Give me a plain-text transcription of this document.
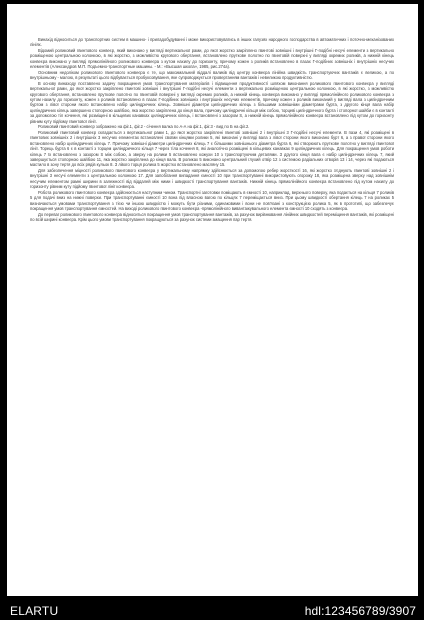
Винахід відноситься до транспортних систем в машино- і приладобудуванні і може використовуватись в інших галузях народного господарства в автоматичних і поточно-механізованих лініях.

Відомий роликовий гвинтового конвеєр, який виконано у вигляді вертикальної рами, до якої жорстко закріплено гвинтові зовнішні і внутрішні Г-подібні несучі елементи з вертикально розміщеною центральною колонкою, в які жорстко, з можливістю кругового обертання, встановлено пруткове полотно по гвинтовій поверхні у вигляді окремих роликів, а нижній кінець конвеєра виконано у вигляді прямолінійного роликового конвеєра з кутом нахилу до горизонту, причому кожен з роликів встановлено в пазах Г-подібних зовнішніх і внутрішніх несучих елементів (Александров М.П. Подъемно-транспортные машины. - М.: «Высшая школа», 1985, рис.274а).

Основним недоліком роликового гвинтового конвеєра є те, що максимальний віддалі валиків від центру конвеєра лінійна швидкість транспортуючих вантажів є великою, а по внутрішньому - малою, в результаті цього відбувається пробуксовування, яке супроводжується провертанням вантажів і невеликою продуктивністю.

В основу винаходу поставлено задачу покращення умов транспортування матеріалів і підвищення продуктивності шляхом виконання роликового гвинтового конвеєра у вигляді вертикальної рами, до якої жорстко закріплено гвинтові зовнішні і внутрішні Г-подібні несучі елементи з вертикально розміщеною центральною колонкою, в які жорстко, з можливістю кругового обертання, встановлено пруткове полотно по гвинтовій поверхні у вигляді окремих роликів, а нижній кінець конвеєра виконано у вигляді прямолінійного роликового конвеєра з кутом нахилу до горизонту, кожен з роликів встановлено в пазах Г-подібних зовнішніх і внутрішніх несучих елементів, причому кожен з роликів виконаний у вигляді вала з циліндричним буртом з лівої сторони якого встановлено набір циліндричних кілець. Зовнішні діаметри циліндричних кілець з більшими зовнішніми діаметрами бурта, з другого кінця вала набір циліндричних кілець завершено стопорною шайбою, яка жорстко закріплена до кінця вала, причому циліндричні кільця між собою, торцеві циліндричного бурта і стопорної шайби є в контакті за допомогою тіл кочення, які розміщені в кільцевих канавках циліндричних кілець, і встановлені з зазором S, а нижній кінець прямолінійного конвеєра встановлено під кутом до горизонту рівним куту підйому гвинтової лінії.

Роликовий гвинтовий конвеєр зображено на фіг.1, фіг.2 - січення валка по А-А на фіг.1, фіг.3 - вид по Б на фіг.2.

Роликовий гвинтовий конвеєр складається з вертикальної рами 1, до якої жорстко закріплені гвинтові зовнішні 2 і внутрішні 3 Г-подібні несучі елементи. В пази 4, які розміщені в гвинтових зовнішніх 2 і внутрішніх 3 несучих елементах встановлені своїми кінцями ролики 5, які виконані у вигляді вала з лівої сторони якого виконано бурт 6, а з правої сторони якого встановлено набір циліндричних кілець 7. Причому зовнішні діаметри циліндричних кілець 7 є більшими зовнішнього діаметра бурта 6, які створюють пруткове полотно у вигляді гвинтової лінії. Торець бурта 6 є в контакті з торцем циліндричного кільця 7 через тіла кочення 8, які аналогічно розміщені в кільцевих канавках 9 циліндричних кілець. Для покращення умов роботи кілець 7 їх встановлено з зазором S між собою, а зверху на ролики 5 встановлено кожухи 10 з транспортуючим деталями. З другого кінця вала є набір циліндричних кілець 7, який завершується стопорною шайбою 11, яка жорстко закріплена до кінця вала. В роликах 5 виконано центральний глухий отвір 12 з системою радіальних отворів 13 і 14, через які подаються мастило в зону тертя до всіх рядів кульок 8. З лівого торця ролика 5 жорстко встановлено масляну 15.

Для забезпечення міцності роликового гвинтового конвеєра у вертикальному напрямку здійснюється за допомогою ребер жорсткості 16, які жорстко з'єднують гвинтові зовнішні 2 і внутрішні 3 несучі елементи з центральною колонкою 17. Для запобігання випадання ємності 10 при транспортуванні використовують огорожу 18, яка розміщена зверху над зовнішнім несучим елементом рамні ширини в залежності від віддалей між ними і швидкості транспортування вантажів. Нижній кінець прямолінійного конвеєра встановлено під кутом нахилу до горизонту рівним куту підйому гвинтової лінії конвеєра.

Робота роликового гвинтового конвеєра здійснюється наступним чином. Транспортні заготовки поміщають в ємності 10, наприклад, верхнього поверху, яка подається на кільця 7 роликів 5 для подачі вниз на нижні поверхи. При транспортуванні ємності 10 вона під власною вагою по кільцях 7 переміщається вниз. При цьому швидкості обертання кілець 7 на роликах 5 визначаються умовами транспортування з тією чи іншою швидкістю і можуть бути різними, одинаковими і вони не пов'язані з конструкцією ролика 5, як в прототипі, що забезпечує покращення умов транспортування ємностей. На виході роликового гвинтового конвеєра -прямолінійного вивантажувального елемента ємності 10 сходять з конвеєра.

До переваг роликового гвинтового конвеєра відноситься покращення умов транспортування вантажів, за рахунок вирівнювання лінійних швидкостей переміщення вантажів, які розміщені по всій ширині конвеєра. Крім цього умови транспортування покращуються за рахунок системи змащення пар тертя.

ELARTU	hdl:123456789/3907
